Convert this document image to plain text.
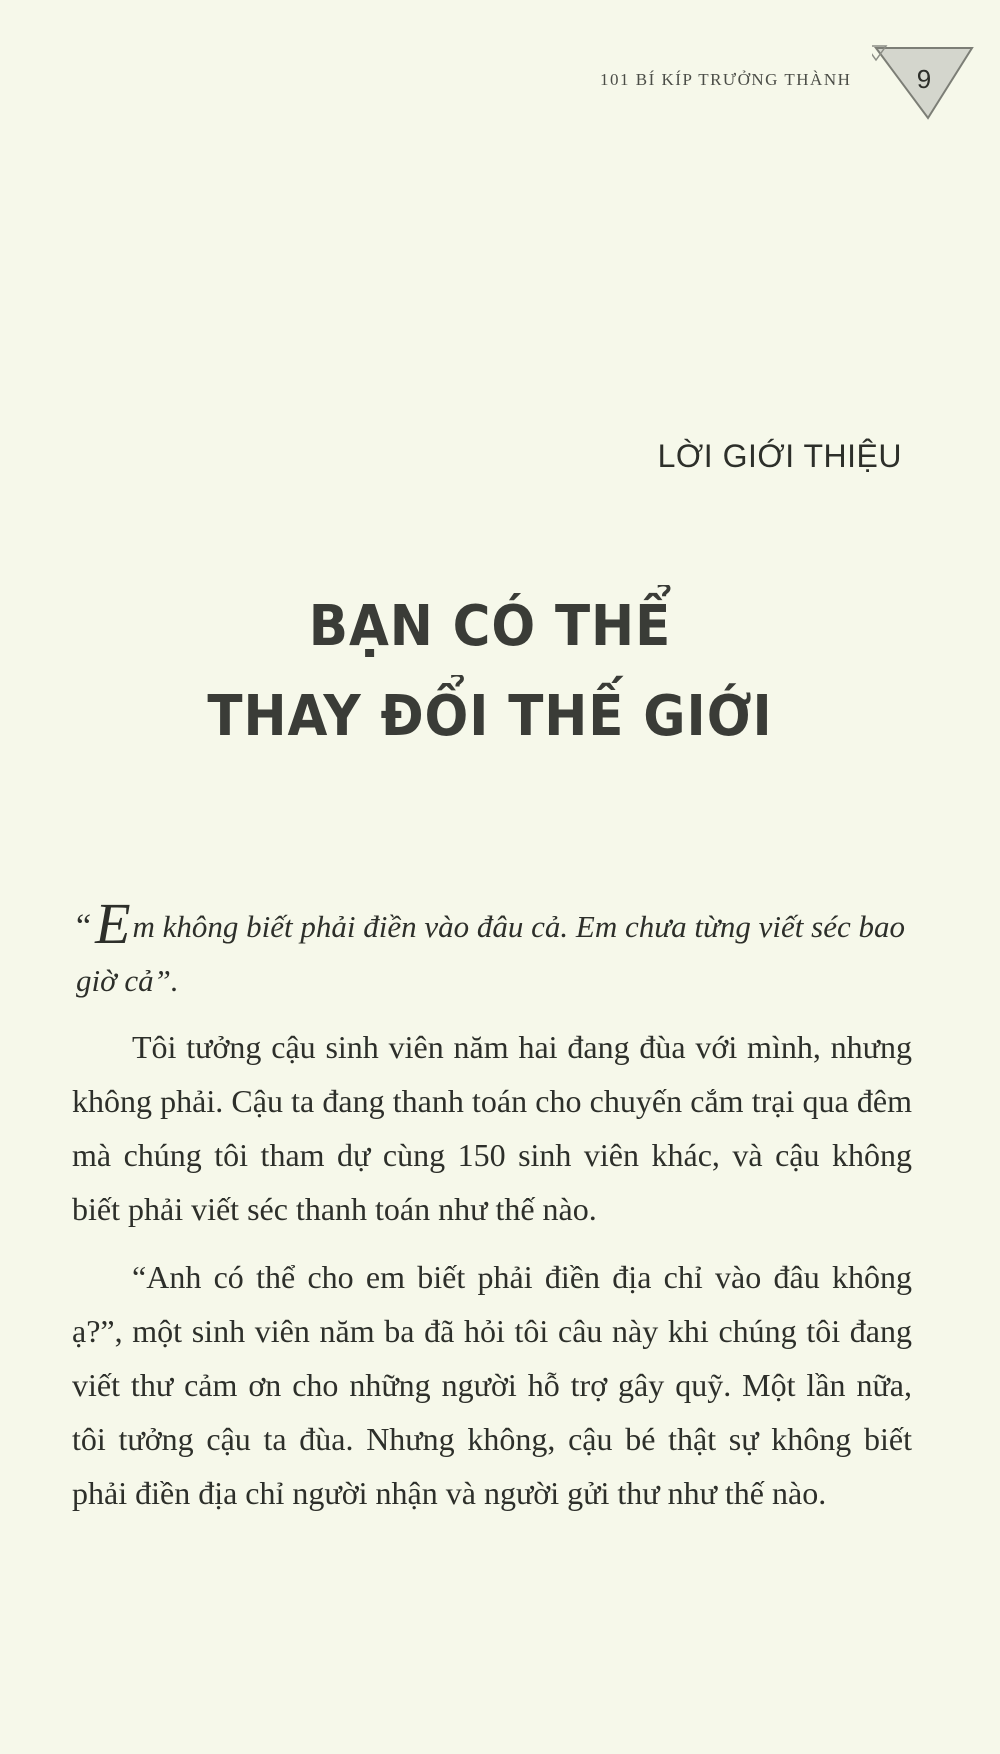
101 BÍ KÍP TRƯỞNG THÀNH	9
LỜI GIỚI THIỆU
BẠN CÓ THỂ
THAY ĐỔI THẾ GIỚI
“Em không biết phải điền vào đâu cả. Em chưa từng viết séc bao giờ cả”.

Tôi tưởng cậu sinh viên năm hai đang đùa với mình, nhưng không phải. Cậu ta đang thanh toán cho chuyến cắm trại qua đêm mà chúng tôi tham dự cùng 150 sinh viên khác, và cậu không biết phải viết séc thanh toán như thế nào.

“Anh có thể cho em biết phải điền địa chỉ vào đâu không ạ?”, một sinh viên năm ba đã hỏi tôi câu này khi chúng tôi đang viết thư cảm ơn cho những người hỗ trợ gây quỹ. Một lần nữa, tôi tưởng cậu ta đùa. Nhưng không, cậu bé thật sự không biết phải điền địa chỉ người nhận và người gửi thư như thế nào.
